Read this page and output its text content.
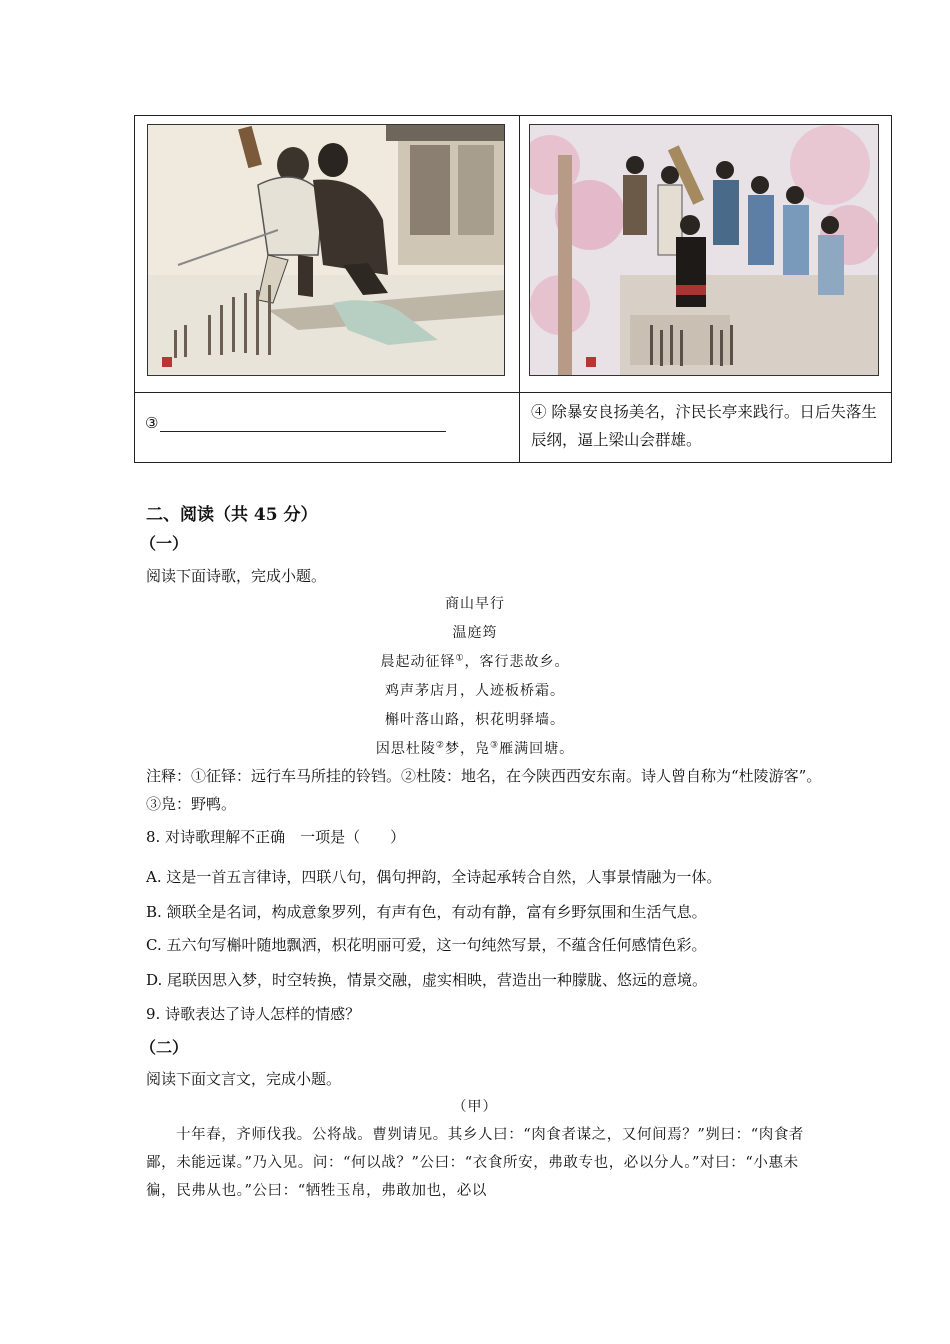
③
④ 除暴安良扬美名，汴民长亭来践行。日后失落生辰纲，逼上梁山会群雄。
二、阅读（共 45 分）
（一）
阅读下面诗歌，完成小题。
商山早行
温庭筠
晨起动征铎①，客行悲故乡。
鸡声茅店月，人迹板桥霜。
槲叶落山路，枳花明驿墙。
因思杜陵②梦，凫③雁满回塘。
注释：①征铎：远行车马所挂的铃铛。②杜陵：地名，在今陕西西安东南。诗人曾自称为“杜陵游客”。③凫：野鸭。
8. 对诗歌理解不正确　一项是（　　）
A. 这是一首五言律诗，四联八句，偶句押韵，全诗起承转合自然，人事景情融为一体。
B. 颔联全是名词，构成意象罗列，有声有色，有动有静，富有乡野氛围和生活气息。
C. 五六句写槲叶随地飘洒，枳花明丽可爱，这一句纯然写景，不蕴含任何感情色彩。
D. 尾联因思入梦，时空转换，情景交融，虚实相映，营造出一种朦胧、悠远的意境。
9. 诗歌表达了诗人怎样的情感？
（二）
阅读下面文言文，完成小题。
（甲）
十年春，齐师伐我。公将战。曹刿请见。其乡人曰：“肉食者谋之，又何间焉？”刿曰：“肉食者鄙，未能远谋。”乃入见。问：“何以战？”公曰：“衣食所安，弗敢专也，必以分人。”对曰：“小惠未徧，民弗从也。”公曰：“牺牲玉帛，弗敢加也，必以
